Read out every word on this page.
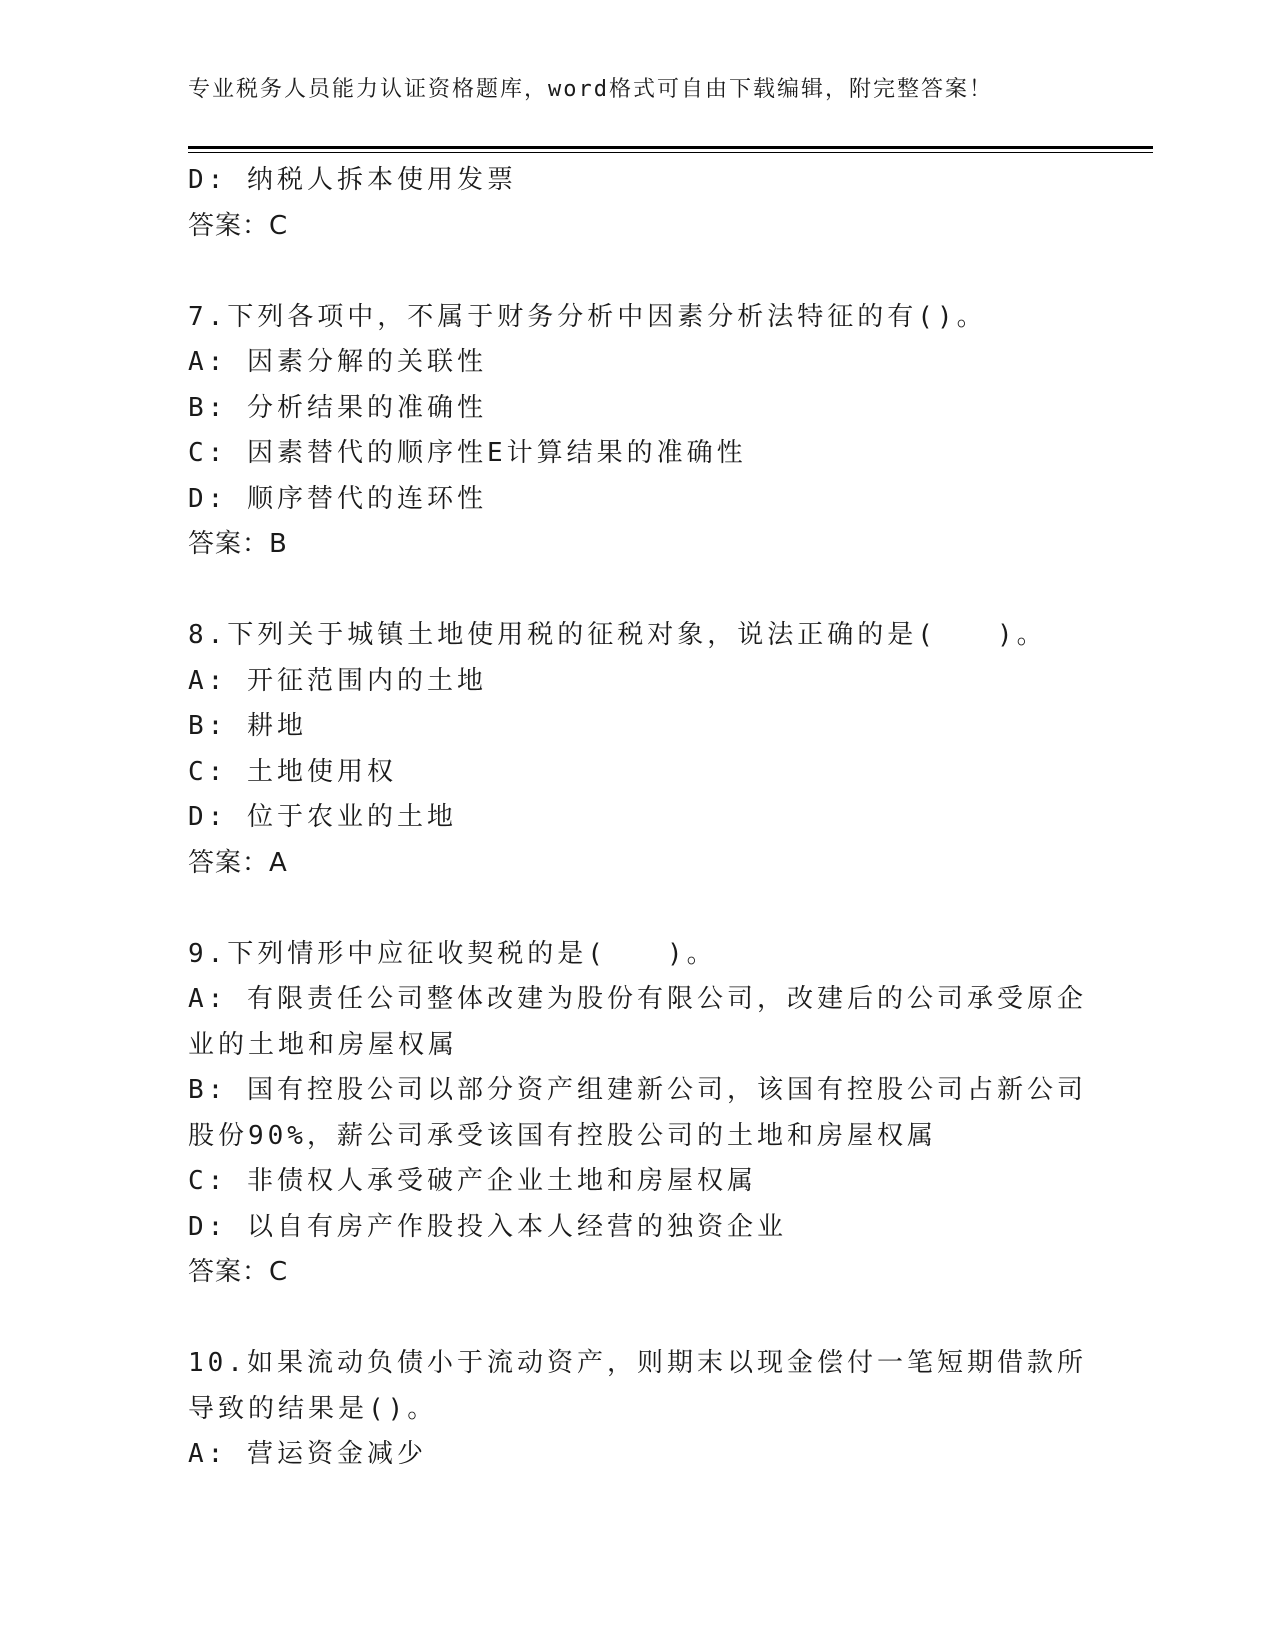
专业税务人员能力认证资格题库，word格式可自由下载编辑，附完整答案！
D: 纳税人拆本使用发票
答案：C
7.下列各项中，不属于财务分析中因素分析法特征的有()。
A: 因素分解的关联性
B: 分析结果的准确性
C: 因素替代的顺序性E计算结果的准确性
D: 顺序替代的连环性
答案：B
8.下列关于城镇土地使用税的征税对象，说法正确的是(　　)。
A: 开征范围内的土地
B: 耕地
C: 土地使用权
D: 位于农业的土地
答案：A
9.下列情形中应征收契税的是(　　)。
A: 有限责任公司整体改建为股份有限公司，改建后的公司承受原企业的土地和房屋权属
B: 国有控股公司以部分资产组建新公司，该国有控股公司占新公司股份90%，薪公司承受该国有控股公司的土地和房屋权属
C: 非债权人承受破产企业土地和房屋权属
D: 以自有房产作股投入本人经营的独资企业
答案：C
10.如果流动负债小于流动资产，则期末以现金偿付一笔短期借款所导致的结果是()。
A: 营运资金减少
